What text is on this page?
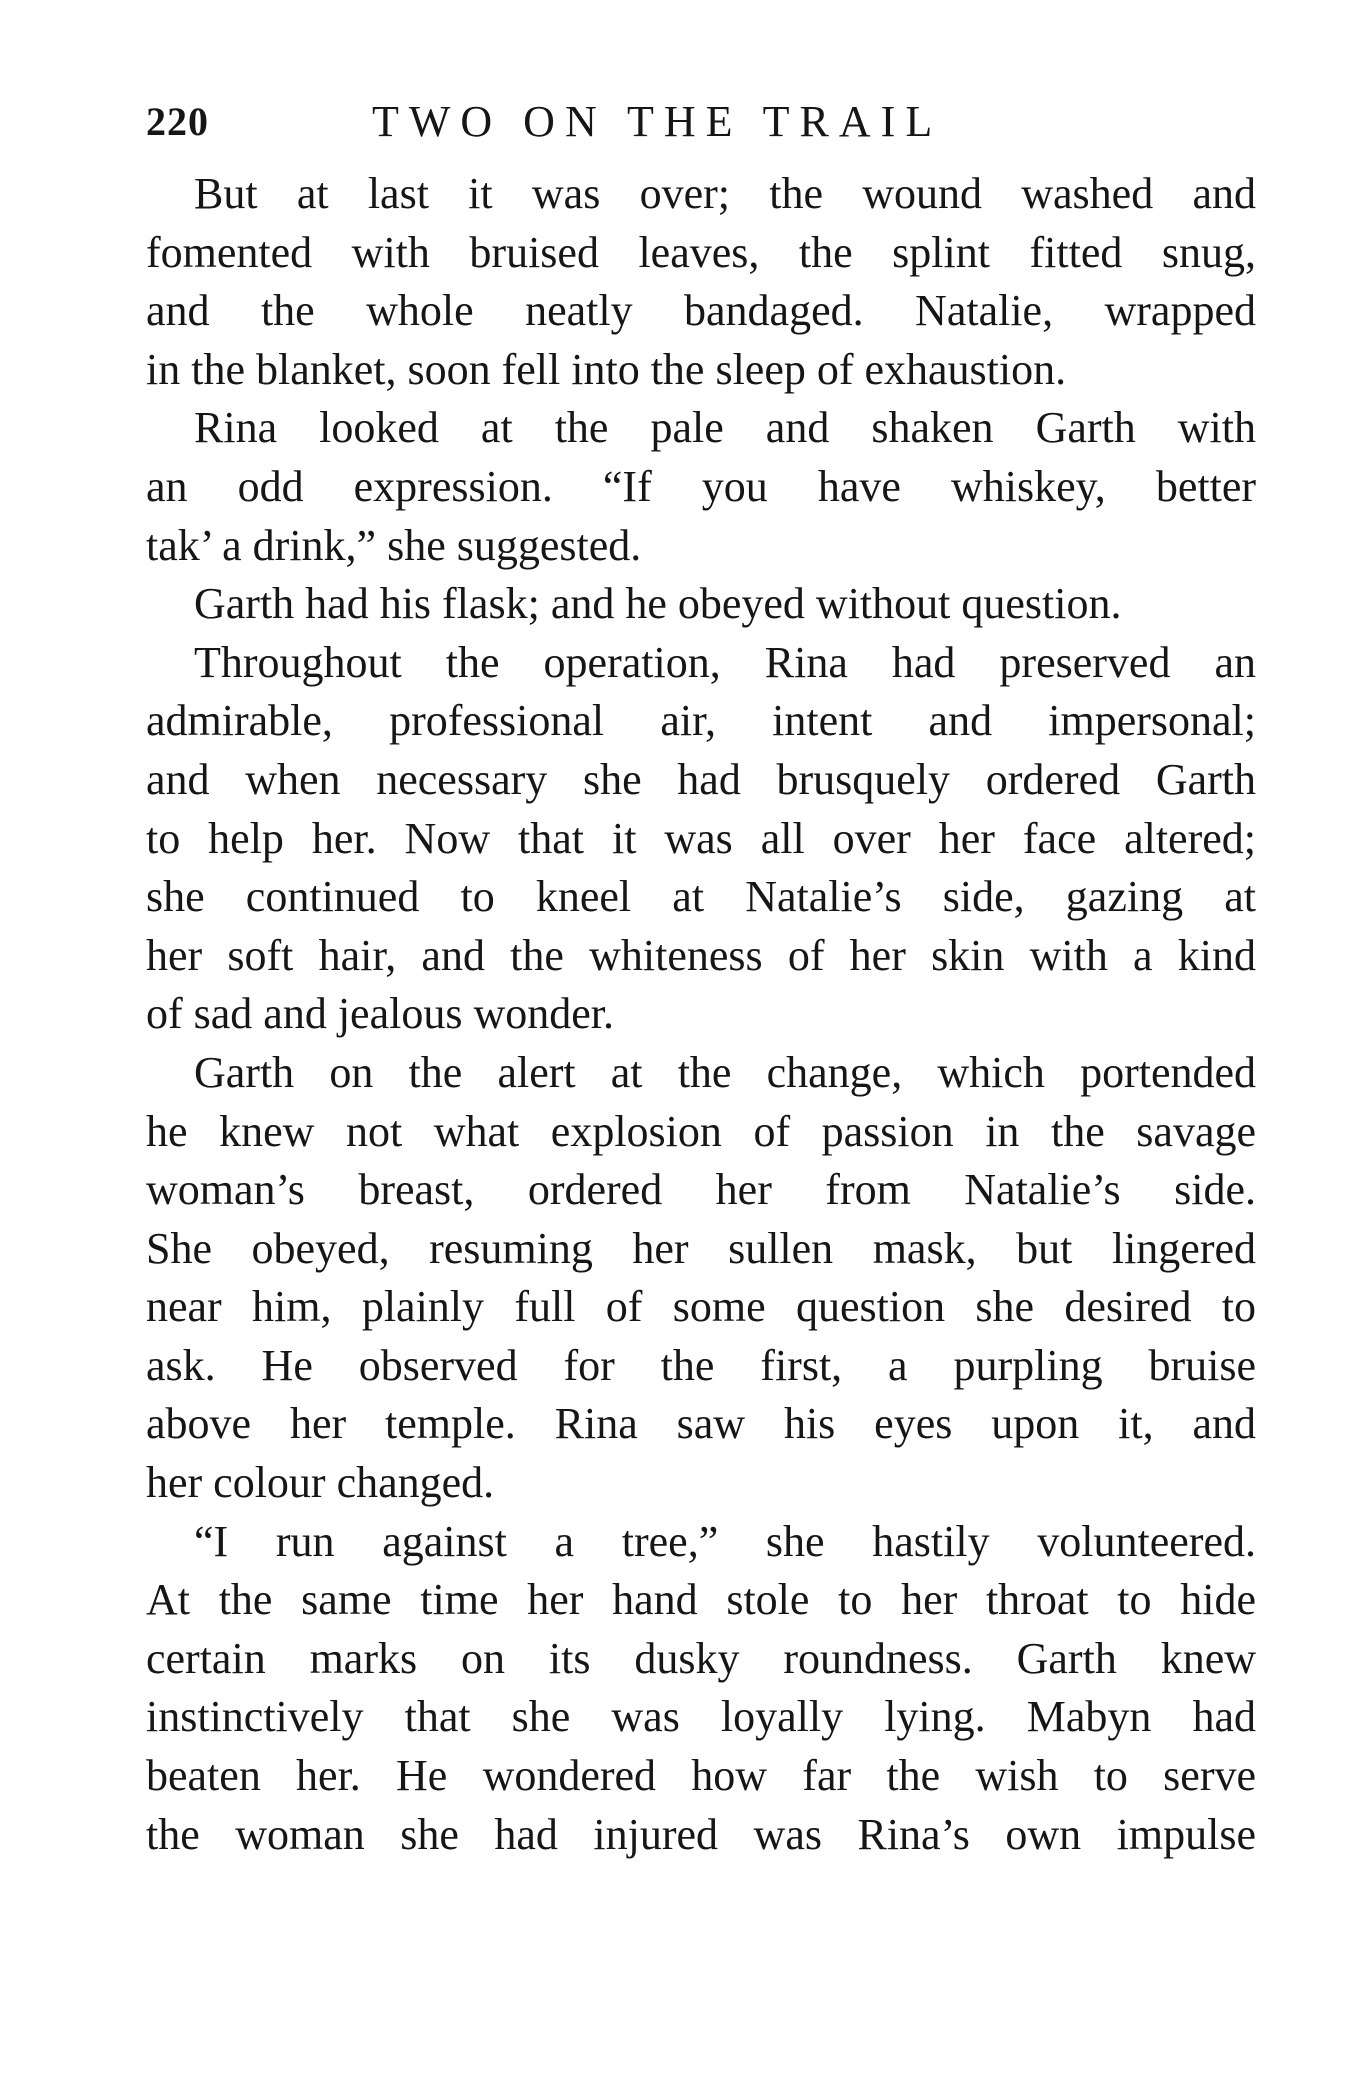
220	TWO ON THE TRAIL
But at last it was over; the wound washed and
fomented with bruised leaves, the splint fitted snug,
and the whole neatly bandaged. Natalie, wrapped
in the blanket, soon fell into the sleep of exhaustion.
Rina looked at the pale and shaken Garth with
an odd expression. “If you have whiskey, better
tak’ a drink,” she suggested.
Garth had his flask; and he obeyed without question.
Throughout the operation, Rina had preserved an
admirable, professional air, intent and impersonal;
and when necessary she had brusquely ordered Garth
to help her. Now that it was all over her face altered;
she continued to kneel at Natalie’s side, gazing at
her soft hair, and the whiteness of her skin with a kind
of sad and jealous wonder.
Garth on the alert at the change, which portended
he knew not what explosion of passion in the savage
woman’s breast, ordered her from Natalie’s side.
She obeyed, resuming her sullen mask, but lingered
near him, plainly full of some question she desired to
ask. He observed for the first, a purpling bruise
above her temple. Rina saw his eyes upon it, and
her colour changed.
“I run against a tree,” she hastily volunteered.
At the same time her hand stole to her throat to hide
certain marks on its dusky roundness. Garth knew
instinctively that she was loyally lying. Mabyn had
beaten her. He wondered how far the wish to serve
the woman she had injured was Rina’s own impulse
